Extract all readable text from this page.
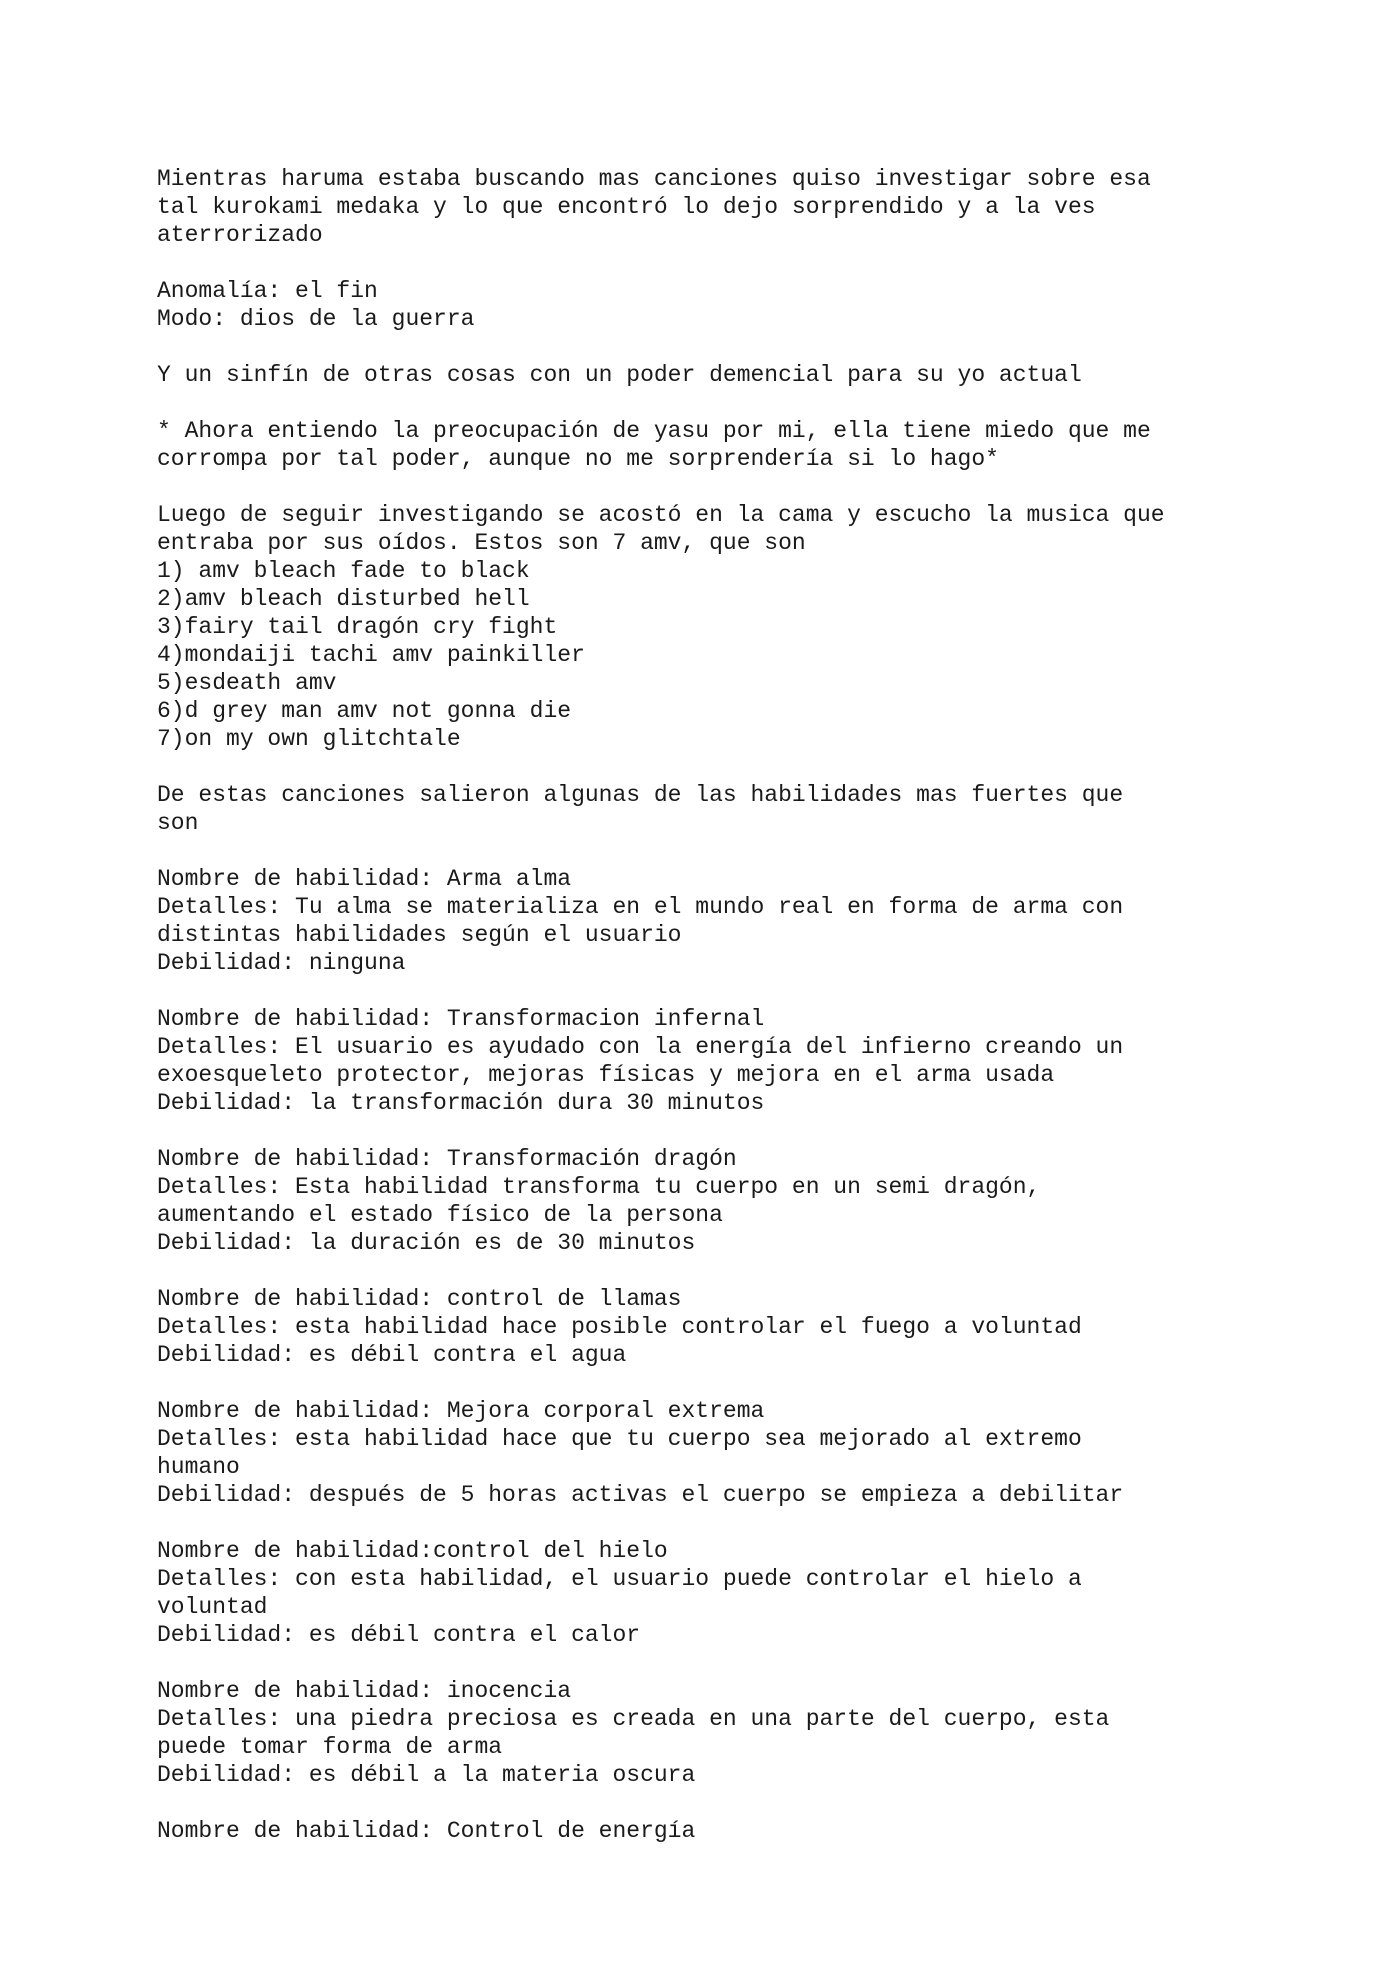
Mientras haruma estaba buscando mas canciones quiso investigar sobre esa
tal kurokami medaka y lo que encontró lo dejo sorprendido y a la ves
aterrorizado
Anomalía: el fin
Modo: dios de la guerra
Y un sinfín de otras cosas con un poder demencial para su yo actual
* Ahora entiendo la preocupación de yasu por mi, ella tiene miedo que me
corrompa por tal poder, aunque no me sorprendería si lo hago*
Luego de seguir investigando se acostó en la cama y escucho la musica que
entraba por sus oídos. Estos son 7 amv, que son
1) amv bleach fade to black
2)amv bleach disturbed hell
3)fairy tail dragón cry fight
4)mondaiji tachi amv painkiller
5)esdeath amv
6)d grey man amv not gonna die
7)on my own glitchtale
De estas canciones salieron algunas de las habilidades mas fuertes que
son
Nombre de habilidad: Arma alma
Detalles: Tu alma se materializa en el mundo real en forma de arma con
distintas habilidades según el usuario
Debilidad: ninguna
Nombre de habilidad: Transformacion infernal
Detalles: El usuario es ayudado con la energía del infierno creando un
exoesqueleto protector, mejoras físicas y mejora en el arma usada
Debilidad: la transformación dura 30 minutos
Nombre de habilidad: Transformación dragón
Detalles: Esta habilidad transforma tu cuerpo en un semi dragón,
aumentando el estado físico de la persona
Debilidad: la duración es de 30 minutos
Nombre de habilidad: control de llamas
Detalles: esta habilidad hace posible controlar el fuego a voluntad
Debilidad: es débil contra el agua
Nombre de habilidad: Mejora corporal extrema
Detalles: esta habilidad hace que tu cuerpo sea mejorado al extremo
humano
Debilidad: después de 5 horas activas el cuerpo se empieza a debilitar
Nombre de habilidad:control del hielo
Detalles: con esta habilidad, el usuario puede controlar el hielo a
voluntad
Debilidad: es débil contra el calor
Nombre de habilidad: inocencia
Detalles: una piedra preciosa es creada en una parte del cuerpo, esta
puede tomar forma de arma
Debilidad: es débil a la materia oscura
Nombre de habilidad: Control de energía
